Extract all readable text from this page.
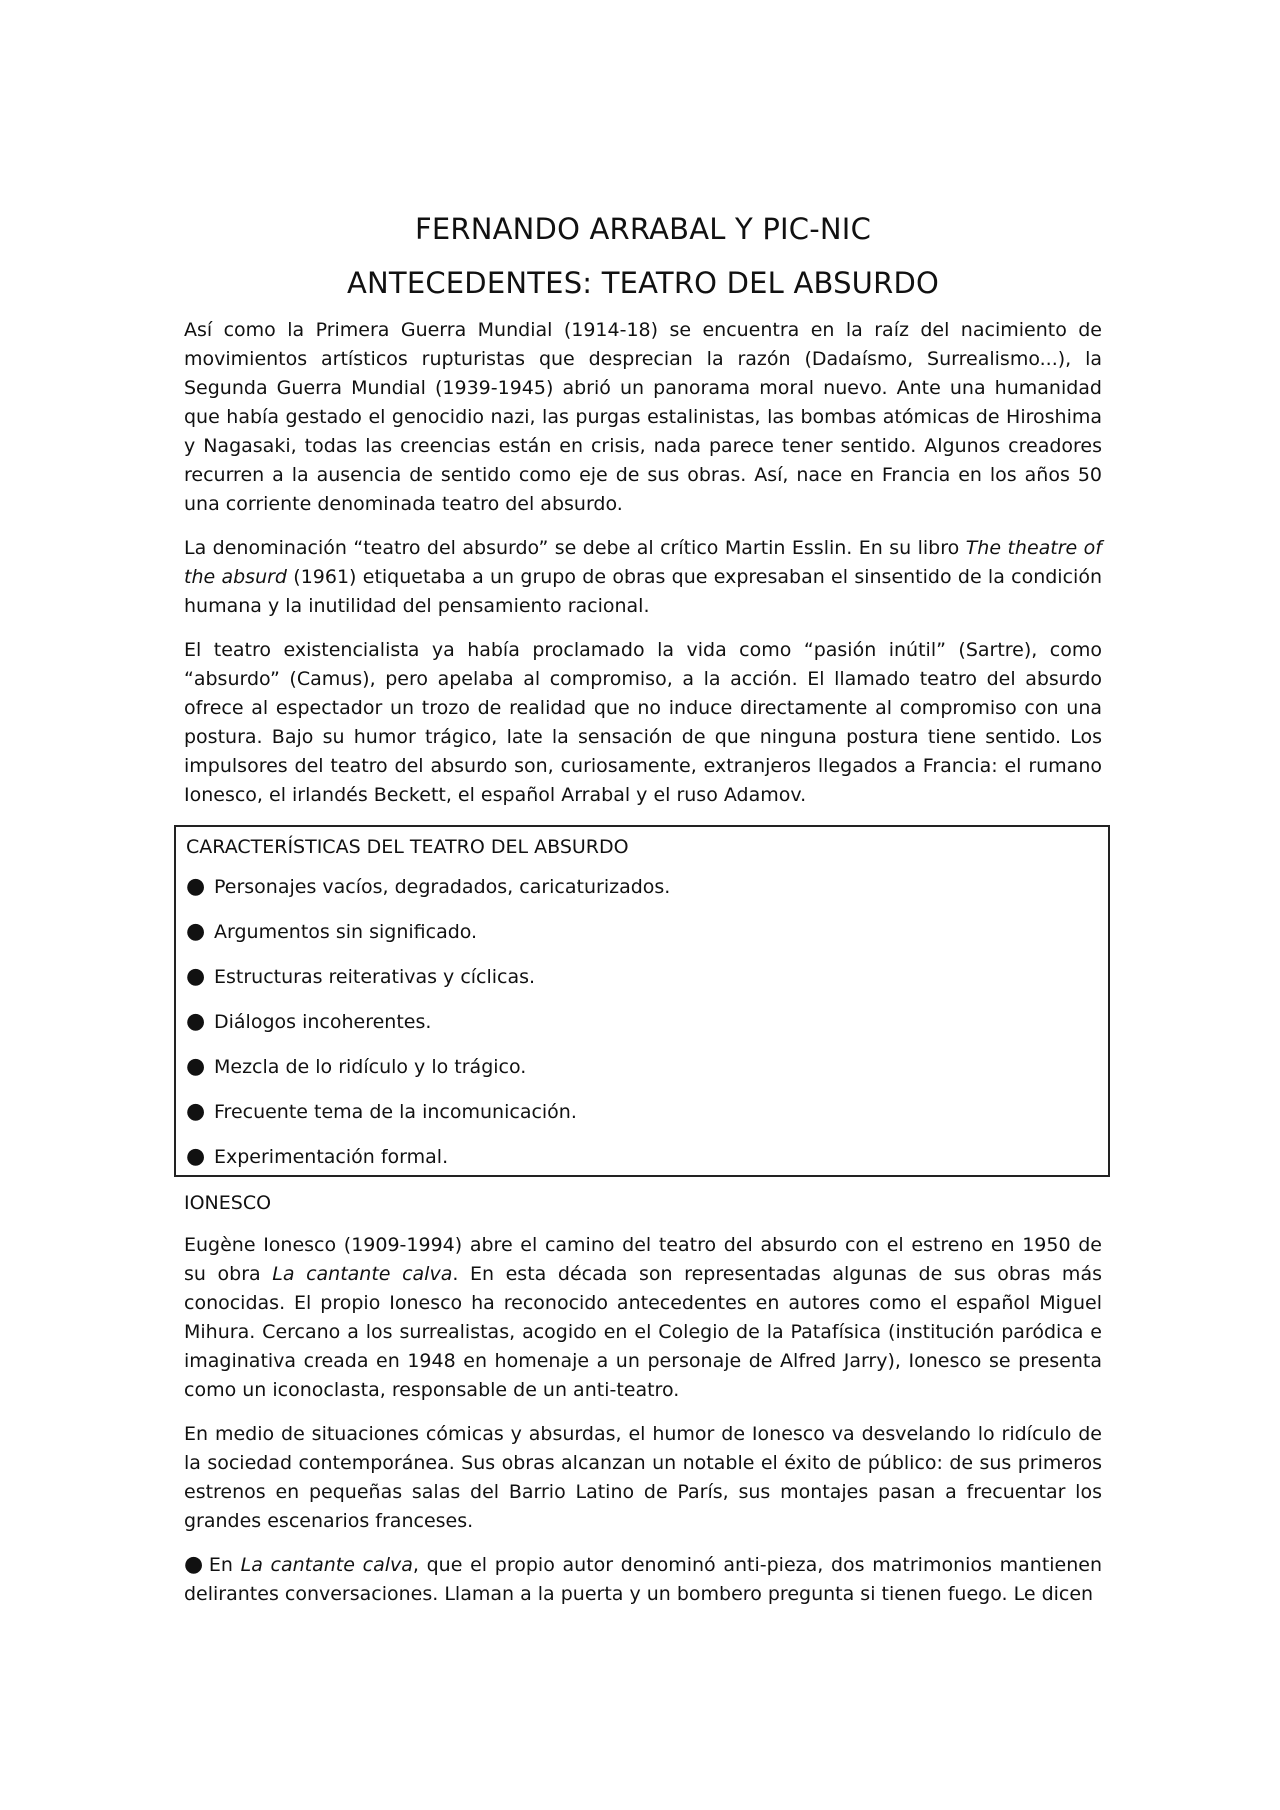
FERNANDO ARRABAL Y PIC-NIC
ANTECEDENTES: TEATRO DEL ABSURDO

Así como la Primera Guerra Mundial (1914-18) se encuentra en la raíz del nacimiento de movimientos artísticos rupturistas que desprecian la razón (Dadaísmo, Surrealismo...), la Segunda Guerra Mundial (1939-1945) abrió un panorama moral nuevo. Ante una humanidad que había gestado el genocidio nazi, las purgas estalinistas, las bombas atómicas de Hiroshima y Nagasaki, todas las creencias están en crisis, nada parece tener sentido. Algunos creadores recurren a la ausencia de sentido como eje de sus obras. Así, nace en Francia en los años 50 una corriente denominada teatro del absurdo.

La denominación “teatro del absurdo” se debe al crítico Martin Esslin. En su libro The theatre of the absurd (1961) etiquetaba a un grupo de obras que expresaban el sinsentido de la condición humana y la inutilidad del pensamiento racional.

El teatro existencialista ya había proclamado la vida como “pasión inútil” (Sartre), como “absurdo” (Camus), pero apelaba al compromiso, a la acción. El llamado teatro del absurdo ofrece al espectador un trozo de realidad que no induce directamente al compromiso con una postura. Bajo su humor trágico, late la sensación de que ninguna postura tiene sentido. Los impulsores del teatro del absurdo son, curiosamente, extranjeros llegados a Francia: el rumano Ionesco, el irlandés Beckett, el español Arrabal y el ruso Adamov.

CARACTERÍSTICAS DEL TEATRO DEL ABSURDO
● Personajes vacíos, degradados, caricaturizados.
● Argumentos sin significado.
● Estructuras reiterativas y cíclicas.
● Diálogos incoherentes.
● Mezcla de lo ridículo y lo trágico.
● Frecuente tema de la incomunicación.
● Experimentación formal.
IONESCO

Eugène Ionesco (1909-1994) abre el camino del teatro del absurdo con el estreno en 1950 de su obra La cantante calva. En esta década son representadas algunas de sus obras más conocidas. El propio Ionesco ha reconocido antecedentes en autores como el español Miguel Mihura. Cercano a los surrealistas, acogido en el Colegio de la Patafísica (institución paródica e imaginativa creada en 1948 en homenaje a un personaje de Alfred Jarry), Ionesco se presenta como un iconoclasta, responsable de un anti-teatro.

En medio de situaciones cómicas y absurdas, el humor de Ionesco va desvelando lo ridículo de la sociedad contemporánea. Sus obras alcanzan un notable el éxito de público: de sus primeros estrenos en pequeñas salas del Barrio Latino de París, sus montajes pasan a frecuentar los grandes escenarios franceses.

● En La cantante calva, que el propio autor denominó anti-pieza, dos matrimonios mantienen delirantes conversaciones. Llaman a la puerta y un bombero pregunta si tienen fuego. Le dicen
